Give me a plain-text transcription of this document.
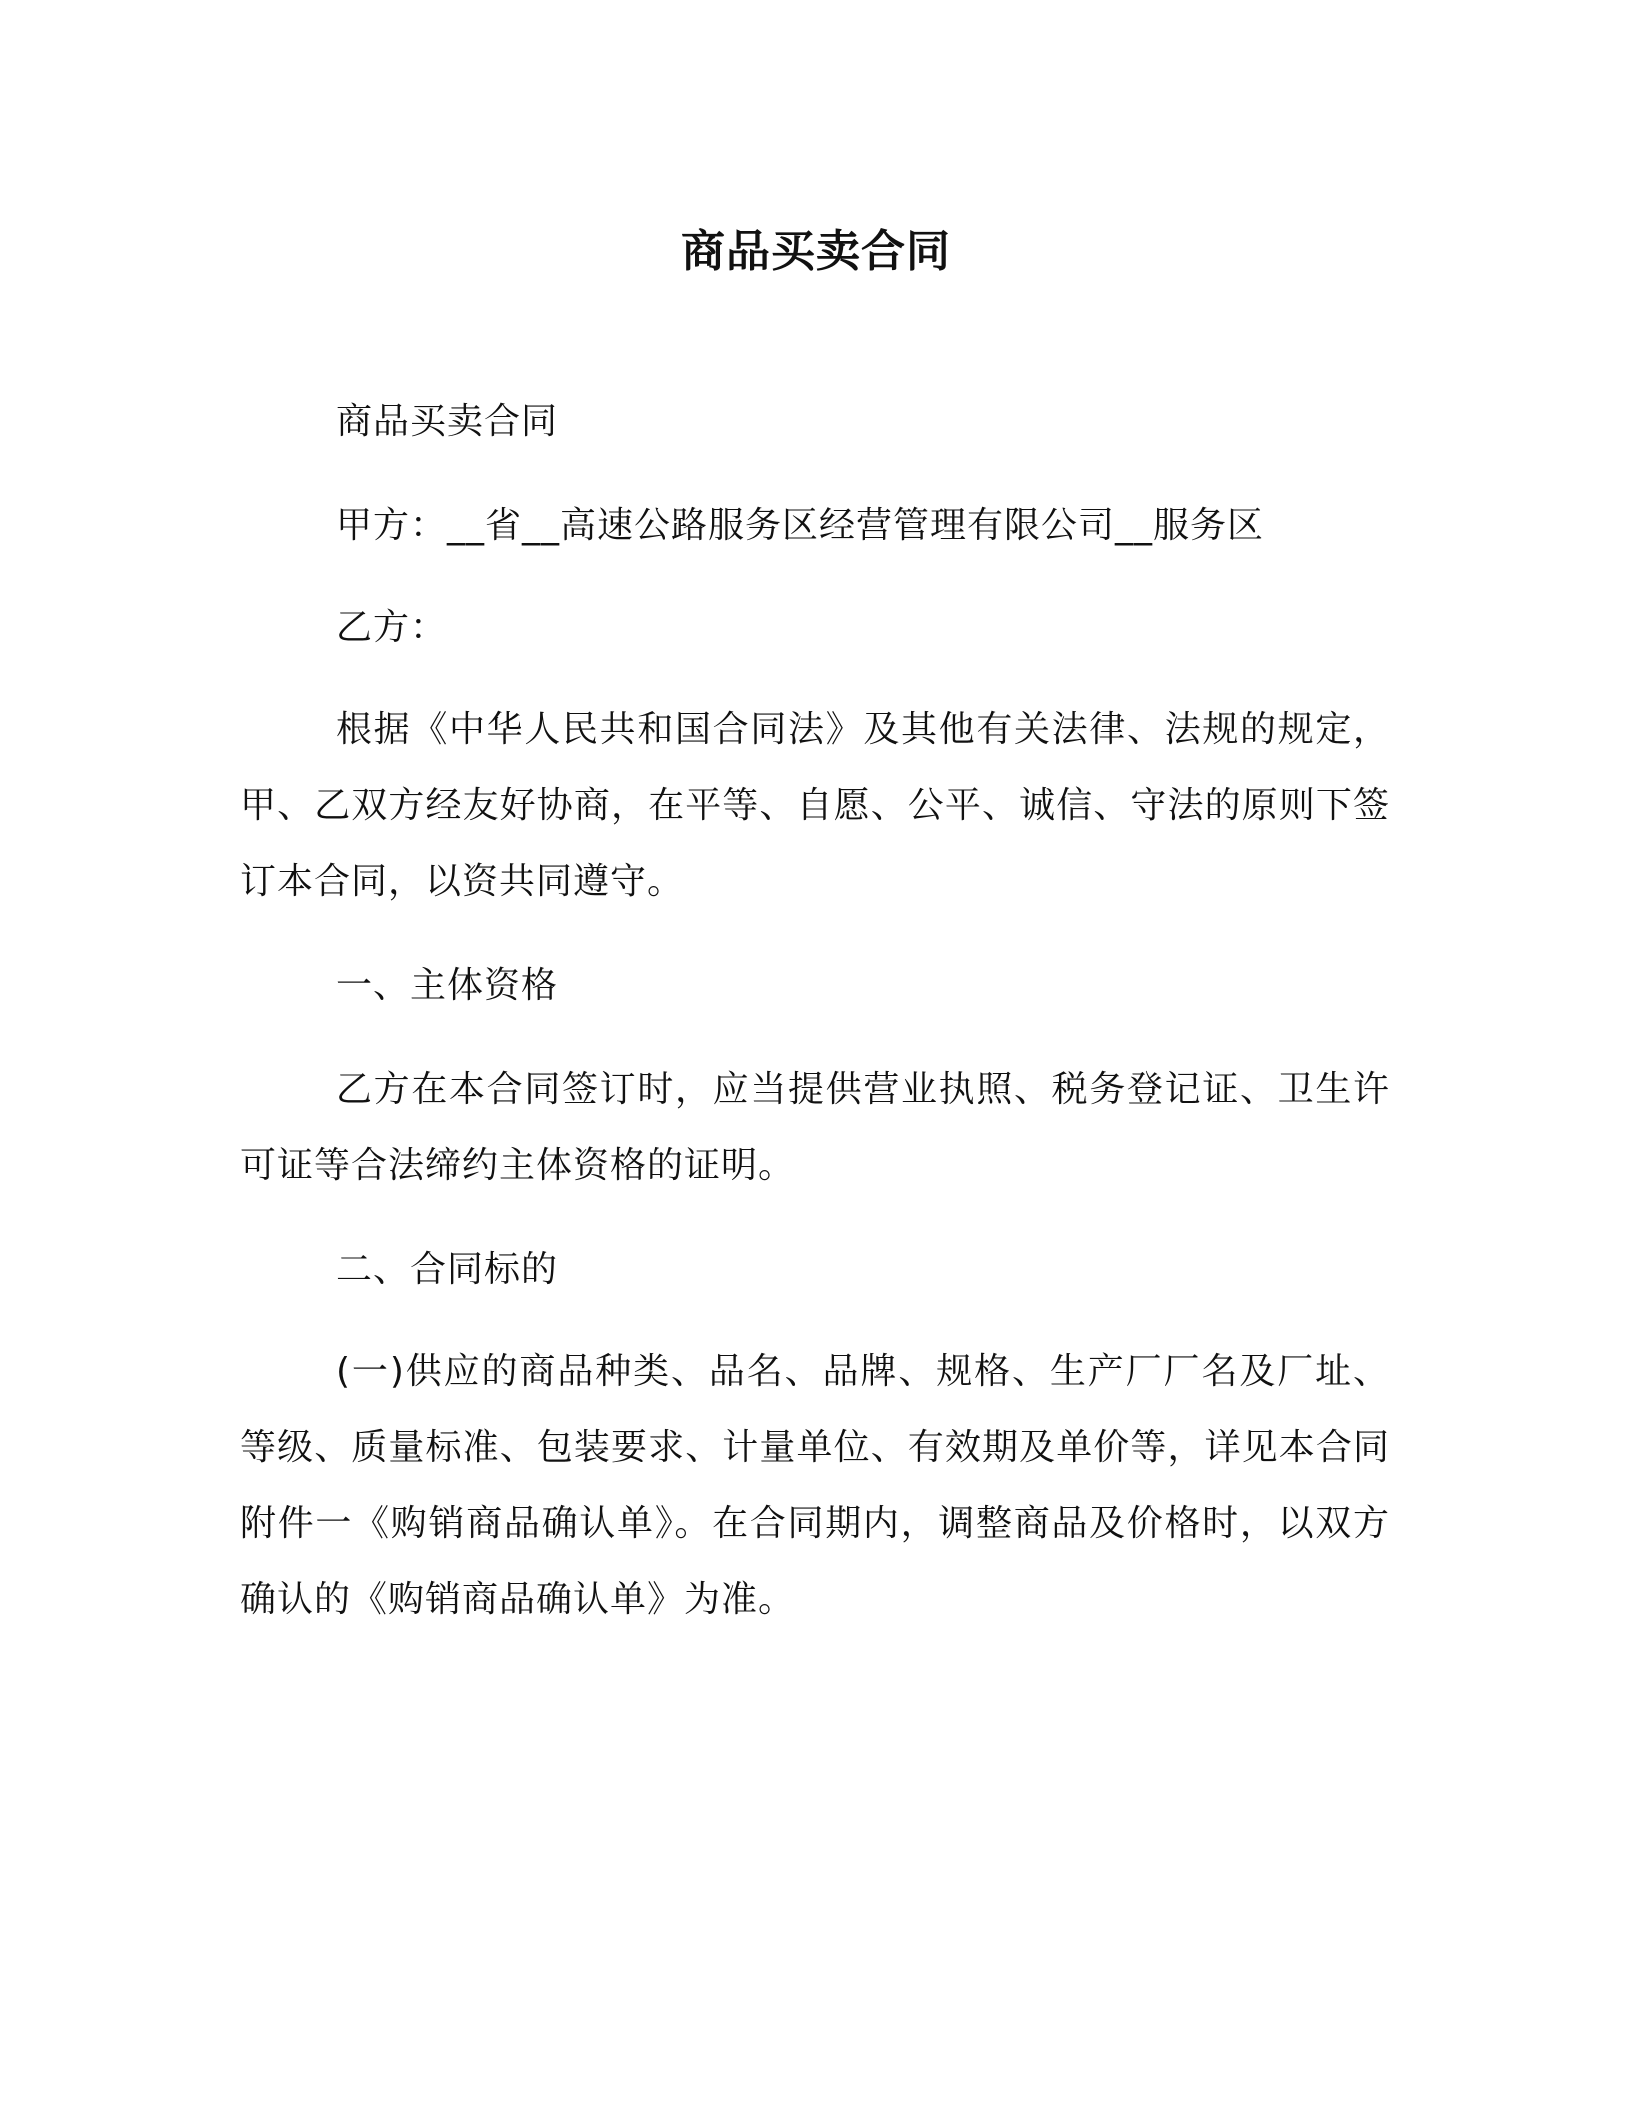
商品买卖合同
商品买卖合同
甲方：__省__高速公路服务区经营管理有限公司__服务区
乙方：
根据《中华人民共和国合同法》及其他有关法律、法规的规定，甲、乙双方经友好协商，在平等、自愿、公平、诚信、守法的原则下签订本合同，以资共同遵守。
一、主体资格
乙方在本合同签订时，应当提供营业执照、税务登记证、卫生许可证等合法缔约主体资格的证明。
二、合同标的
(一)供应的商品种类、品名、品牌、规格、生产厂厂名及厂址、等级、质量标准、包装要求、计量单位、有效期及单价等，详见本合同附件一《购销商品确认单》。在合同期内，调整商品及价格时，以双方确认的《购销商品确认单》为准。
